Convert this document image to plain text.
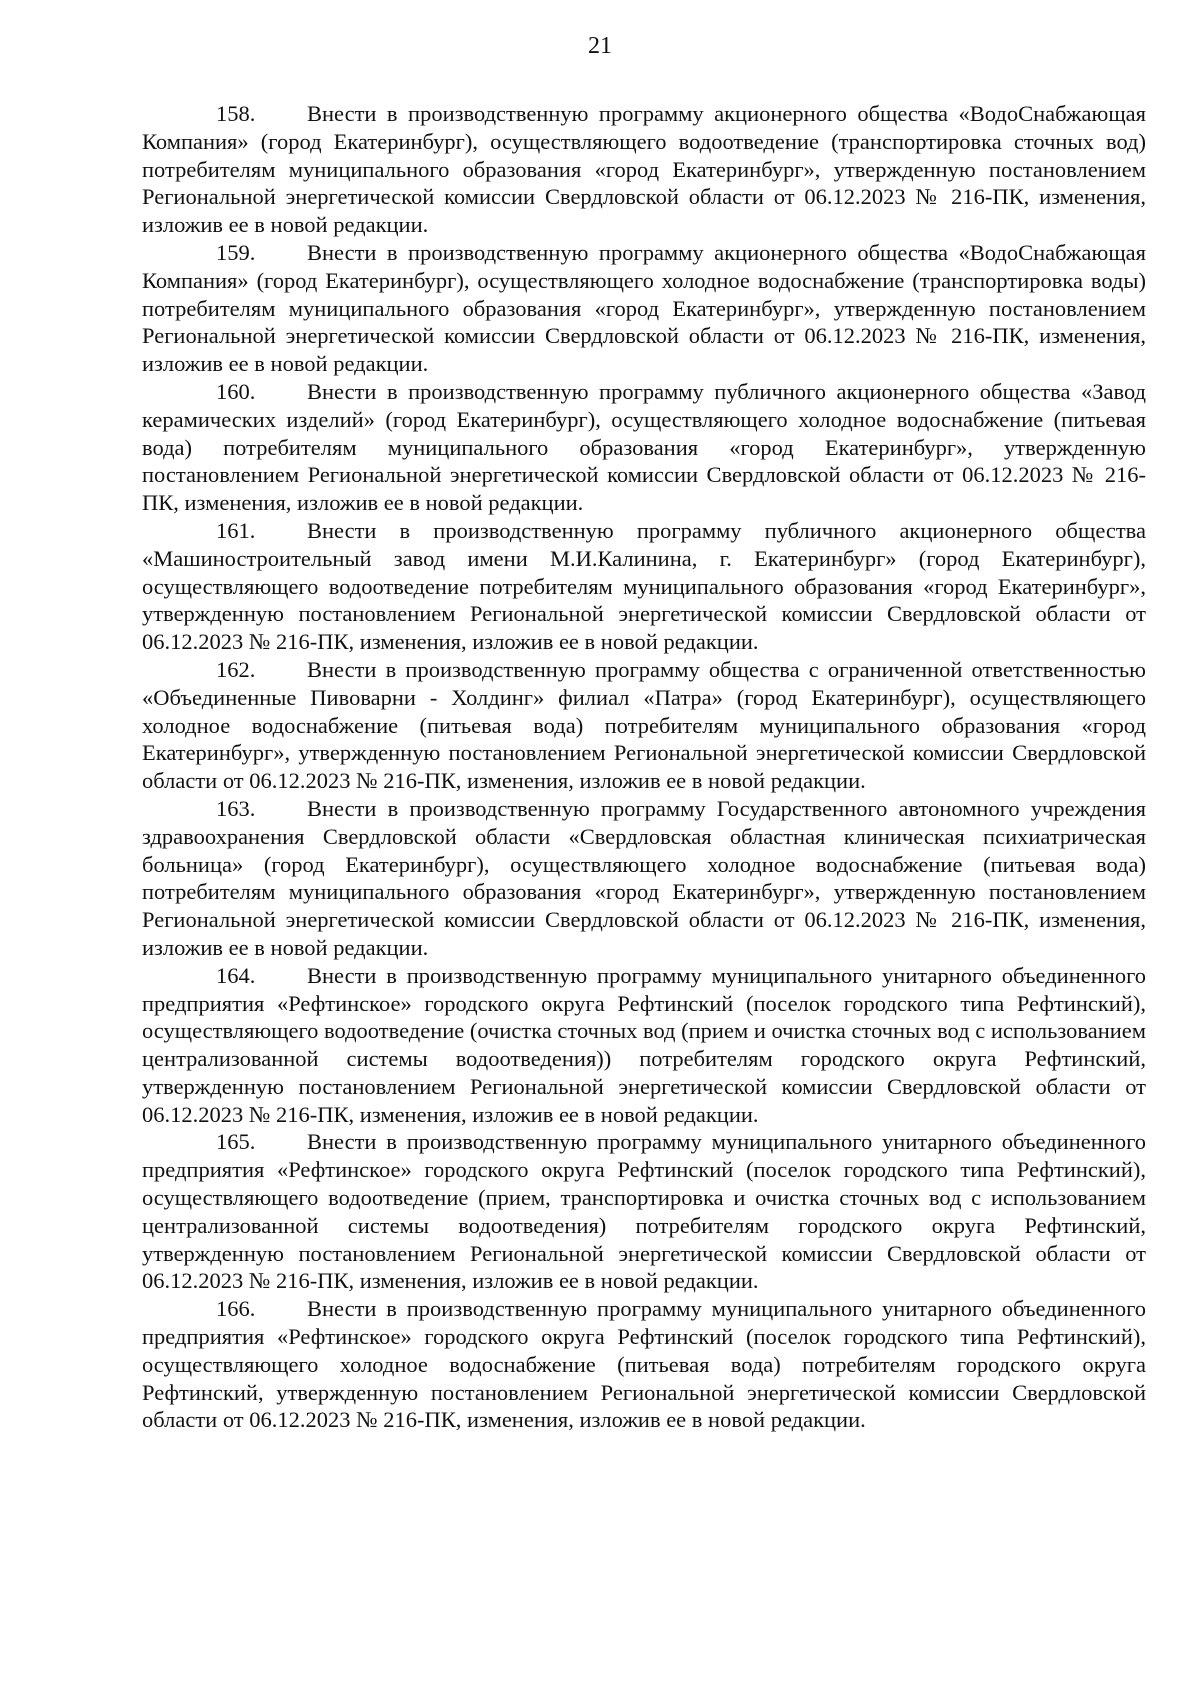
21

158. Внести в производственную программу акционерного общества «ВодоСнабжающая Компания» (город Екатеринбург), осуществляющего водоотведение (транспортировка сточных вод) потребителям муниципального образования «город Екатеринбург», утвержденную постановлением Региональной энергетической комиссии Свердловской области от 06.12.2023 № 216-ПК, изменения, изложив ее в новой редакции.

159. Внести в производственную программу акционерного общества «ВодоСнабжающая Компания» (город Екатеринбург), осуществляющего холодное водоснабжение (транспортировка воды) потребителям муниципального образования «город Екатеринбург», утвержденную постановлением Региональной энергетической комиссии Свердловской области от 06.12.2023 № 216-ПК, изменения, изложив ее в новой редакции.

160. Внести в производственную программу публичного акционерного общества «Завод керамических изделий» (город Екатеринбург), осуществляющего холодное водоснабжение (питьевая вода) потребителям муниципального образования «город Екатеринбург», утвержденную постановлением Региональной энергетической комиссии Свердловской области от 06.12.2023 № 216-ПК, изменения, изложив ее в новой редакции.

161. Внести в производственную программу публичного акционерного общества «Машиностроительный завод имени М.И.Калинина, г. Екатеринбург» (город Екатеринбург), осуществляющего водоотведение потребителям муниципального образования «город Екатеринбург», утвержденную постановлением Региональной энергетической комиссии Свердловской области от 06.12.2023 № 216-ПК, изменения, изложив ее в новой редакции.

162. Внести в производственную программу общества с ограниченной ответственностью «Объединенные Пивоварни - Холдинг» филиал «Патра» (город Екатеринбург), осуществляющего холодное водоснабжение (питьевая вода) потребителям муниципального образования «город Екатеринбург», утвержденную постановлением Региональной энергетической комиссии Свердловской области от 06.12.2023 № 216-ПК, изменения, изложив ее в новой редакции.

163. Внести в производственную программу Государственного автономного учреждения здравоохранения Свердловской области «Свердловская областная клиническая психиатрическая больница» (город Екатеринбург), осуществляющего холодное водоснабжение (питьевая вода) потребителям муниципального образования «город Екатеринбург», утвержденную постановлением Региональной энергетической комиссии Свердловской области от 06.12.2023 № 216-ПК, изменения, изложив ее в новой редакции.

164. Внести в производственную программу муниципального унитарного объединенного предприятия «Рефтинское» городского округа Рефтинский (поселок городского типа Рефтинский), осуществляющего водоотведение (очистка сточных вод (прием и очистка сточных вод с использованием централизованной системы водоотведения)) потребителям городского округа Рефтинский, утвержденную постановлением Региональной энергетической комиссии Свердловской области от 06.12.2023 № 216-ПК, изменения, изложив ее в новой редакции.

165. Внести в производственную программу муниципального унитарного объединенного предприятия «Рефтинское» городского округа Рефтинский (поселок городского типа Рефтинский), осуществляющего водоотведение (прием, транспортировка и очистка сточных вод с использованием централизованной системы водоотведения) потребителям городского округа Рефтинский, утвержденную постановлением Региональной энергетической комиссии Свердловской области от 06.12.2023 № 216-ПК, изменения, изложив ее в новой редакции.

166. Внести в производственную программу муниципального унитарного объединенного предприятия «Рефтинское» городского округа Рефтинский (поселок городского типа Рефтинский), осуществляющего холодное водоснабжение (питьевая вода) потребителям городского округа Рефтинский, утвержденную постановлением Региональной энергетической комиссии Свердловской области от 06.12.2023 № 216-ПК, изменения, изложив ее в новой редакции.
